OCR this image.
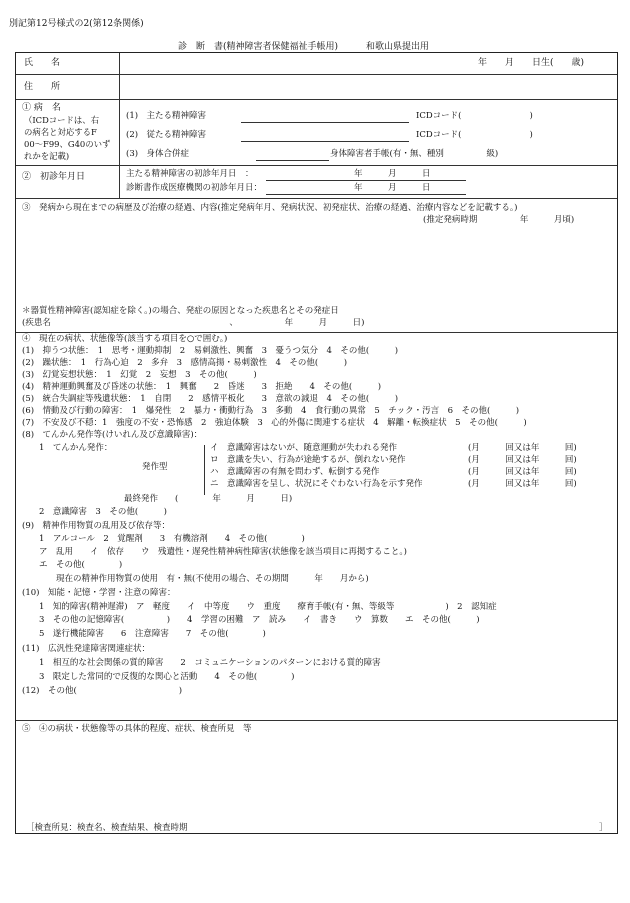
別記第12号様式の2(第12条関係)
診　断　書(精神障害者保健福祉手帳用)	和歌山県提出用
氏　　名	年　　月　　日生(　　歳)
住　　所
① 病　名
（ICDコードは、右
の病名と対応するF
00～F99、G40のいず
れかを記載)
(1)　主たる精神障害	ICDコード(　　　　　　　　)
(2)　従たる精神障害	ICDコード(　　　　　　　　)
(3)　身体合併症	身体障害者手帳(有・無、種別　　　　　級)
②　初診年月日	主たる精神障害の初診年月日　：	年　　　月　　　日
診断書作成医療機関の初診年月日：	年　　　月　　　日
③　発病から現在までの病歴及び治療の経過、内容(推定発病年月、発病状況、初発症状、治療の経過、治療内容などを記載する。)
(推定発病時期　　　　　年　　　月頃)
＊器質性精神障害(認知症を除く。)の場合、発症の原因となった疾患名とその発症日
(疾患名　　　　　　　　　　　　　　　　　　　　　、　　　　　　年　　　月　　　日)
④　現在の病状、状態像等(該当する項目を○で囲む。)
(1)　抑うつ状態：　1　思考・運動抑制　2　易刺激性、興奮　3　憂うつ気分　4　その他(　　　)
(2)　躁状態：　1　行為心迫　2　多弁　3　感情高揚・易刺激性　4　その他(　　　)
(3)　幻覚妄想状態：　1　幻覚　2　妄想　3　その他(　　　)
(4)　精神運動興奮及び昏迷の状態：　1　興奮　　2　昏迷　　3　拒絶　　4　その他(　　　)
(5)　統合失調症等残遺状態：　1　自閉　　2　感情平板化　　3　意欲の減退　4　その他(　　　)
(6)　情動及び行動の障害：　1　爆発性　2　暴力・衝動行為　3　多動　4　食行動の異常　5　チック・汚言　6　その他(　　　)
(7)　不安及び不穏：1　強度の不安・恐怖感　2　強迫体験　3　心的外傷に関連する症状　4　解離・転換症状　5　その他(　　　)
(8)　てんかん発作等(けいれん及び意識障害)：
　　1　てんかん発作：
発作型
イ　意識障害はないが、随意運動が失われる発作	(月　　　回又は年　　　回)
ロ　意識を失い、行為が途絶するが、倒れない発作	(月　　　回又は年　　　回)
ハ　意識障害の有無を問わず、転倒する発作	(月　　　回又は年　　　回)
ニ　意識障害を呈し、状況にそぐわない行為を示す発作	(月　　　回又は年　　　回)
　　　　　　　　　　　　最終発作　　(　　　　年　　　月　　　日)
　　2　意識障害　3　その他(　　　)
(9)　精神作用物質の乱用及び依存等：
　　1　アルコール　2　覚醒剤　　3　有機溶剤　　4　その他(　　　　)
　　ア　乱用　　イ　依存　　ウ　残遺性・遅発性精神病性障害(状態像を該当項目に再掲すること。)
　　エ　その他(　　　　)
　　　　現在の精神作用物質の使用　有・無(不使用の場合、その期間　　　年　　月から)
(10)　知能・記憶・学習・注意の障害：
　　1　知的障害(精神遅滞)　ア　軽度　　イ　中等度　　ウ　重度　　療育手帳(有・無、等級等　　　　　　)　2　認知症
　　3　その他の記憶障害(　　　　　)　　4　学習の困難　ア　読み　　イ　書き　　ウ　算数　　エ　その他(　　　)
　　5　遂行機能障害　　6　注意障害　　7　その他(　　　　)
(11)　広汎性発達障害関連症状：
　　1　相互的な社会関係の質的障害　　2　コミュニケーションのパターンにおける質的障害
　　3　限定した常同的で反復的な関心と活動　　4　その他(　　　　)
(12)　その他(　　　　　　　　　　　　)
⑤　④の病状・状態像等の具体的程度、症状、検査所見　等
［検査所見：検査名、検査結果、検査時期	］
